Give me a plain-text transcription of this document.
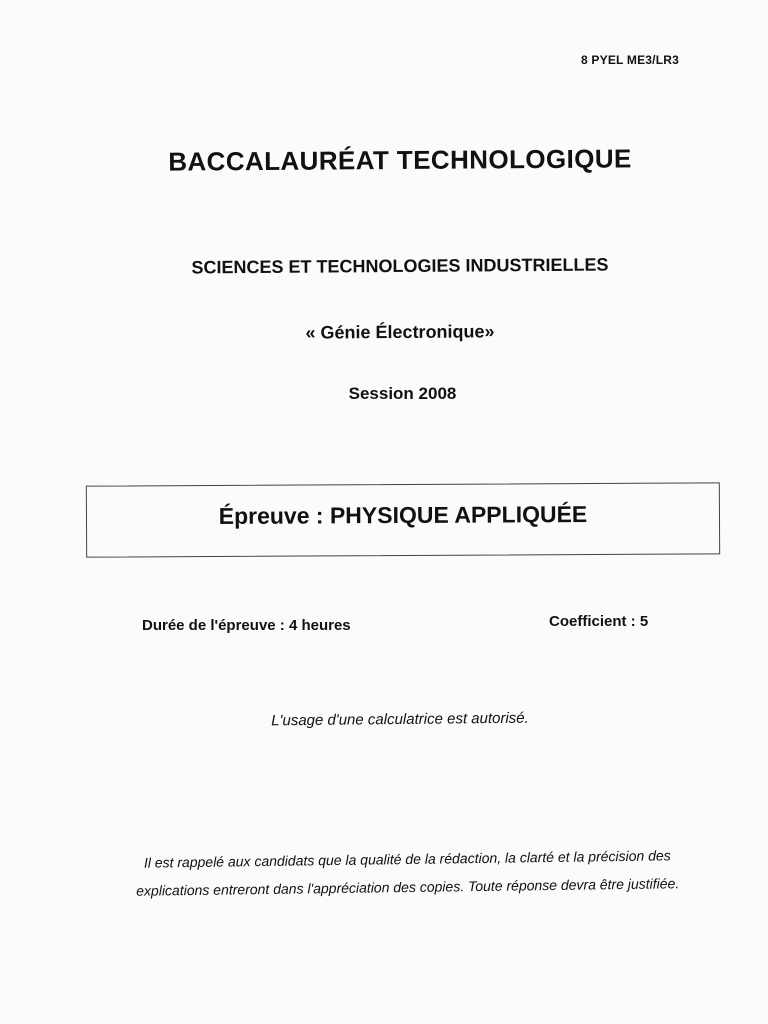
8 PYEL ME3/LR3
BACCALAURÉAT TECHNOLOGIQUE
SCIENCES ET TECHNOLOGIES INDUSTRIELLES
« Génie Électronique»
Session 2008
Épreuve : PHYSIQUE APPLIQUÉE
Durée de l'épreuve : 4 heures	Coefficient : 5
L'usage d'une calculatrice est autorisé.
Il est rappelé aux candidats que la qualité de la rédaction, la clarté et la précision des
explications entreront dans l'appréciation des copies. Toute réponse devra être justifiée.
